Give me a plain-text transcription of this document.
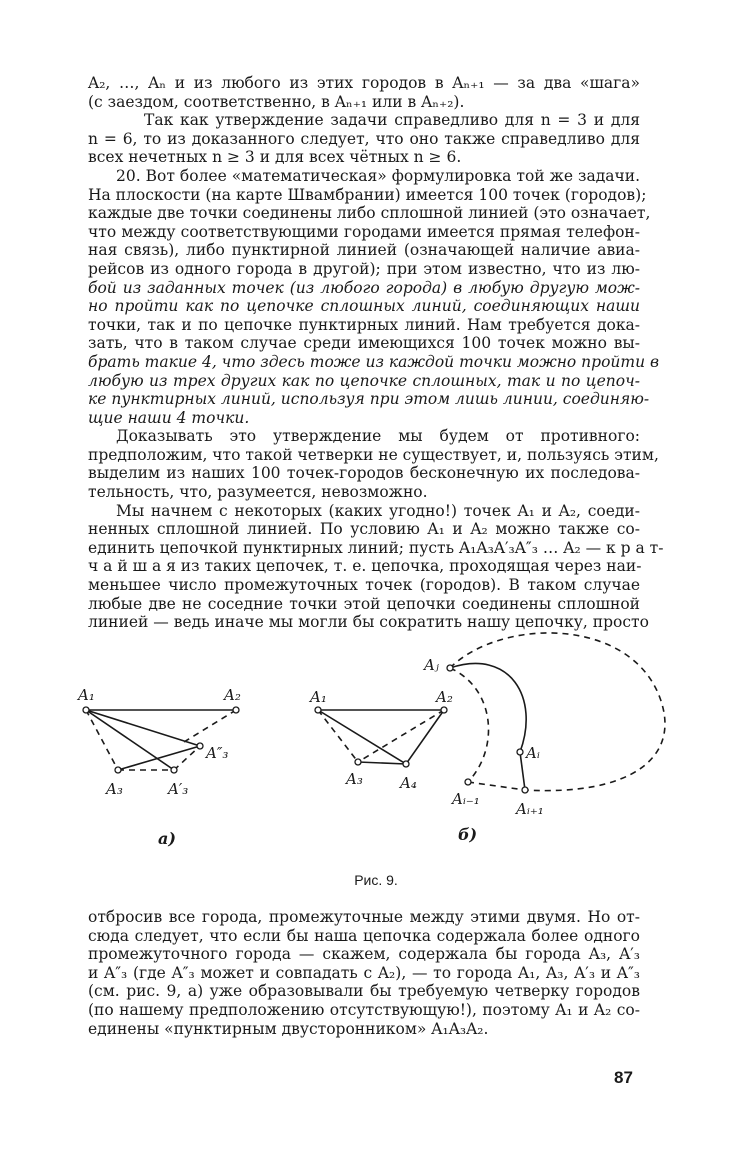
A₂, …, Aₙ и из любого из этих городов в Aₙ₊₁ — за два «шага»
(с заездом, соответственно, в Aₙ₊₁ или в Aₙ₊₂).
Так как утверждение задачи справедливо для n = 3 и для
n = 6, то из доказанного следует, что оно также справедливо для
всех нечетных n ≥ 3 и для всех чётных n ≥ 6.
20. Вот более «математическая» формулировка той же задачи.
На плоскости (на карте Швамбрании) имеется 100 точек (городов);
каждые две точки соединены либо сплошной линией (это означает,
что между соответствующими городами имеется прямая телефон-
ная связь), либо пунктирной линией (означающей наличие авиа-
рейсов из одного города в другой); при этом известно, что из лю-
бой из заданных точек (из любого города) в любую другую мож-
но пройти как по цепочке сплошных линий, соединяющих наши
точки, так и по цепочке пунктирных линий. Нам требуется дока-
зать, что в таком случае среди имеющихся 100 точек можно вы-
брать такие 4, что здесь тоже из каждой точки можно пройти в
любую из трех других как по цепочке сплошных, так и по цепоч-
ке пунктирных линий, используя при этом лишь линии, соединяю-
щие наши 4 точки.
Доказывать это утверждение мы будем от противного:
предположим, что такой четверки не существует, и, пользуясь этим,
выделим из наших 100 точек-городов бесконечную их последова-
тельность, что, разумеется, невозможно.
Мы начнем с некоторых (каких угодно!) точек A₁ и A₂, соеди-
ненных сплошной линией. По условию A₁ и A₂ можно также со-
единить цепочкой пунктирных линий; пусть A₁A₃A′₃A″₃ … A₂ — к р а т-
ч а й ш а я из таких цепочек, т. е. цепочка, проходящая через наи-
меньшее число промежуточных точек (городов). В таком случае
любые две не соседние точки этой цепочки соединены сплошной
линией — ведь иначе мы могли бы сократить нашу цепочку, просто
A₁	A₂
A″₃
A₃	A′₃
а)
A₁	A₂
A₃ A₄
Aⱼ
Aᵢ
Aᵢ₋₁
Aᵢ₊₁
б)
Рис. 9.
отбросив все города, промежуточные между этими двумя. Но от-
сюда следует, что если бы наша цепочка содержала более одного
промежуточного города — скажем, содержала бы города A₃, A′₃
и A″₃ (где A″₃ может и совпадать с A₂), — то города A₁, A₃, A′₃ и A″₃
(см. рис. 9, а) уже образовывали бы требуемую четверку городов
(по нашему предположению отсутствующую!), поэтому A₁ и A₂ со-
единены «пунктирным двусторонником» A₁A₃A₂.
87
